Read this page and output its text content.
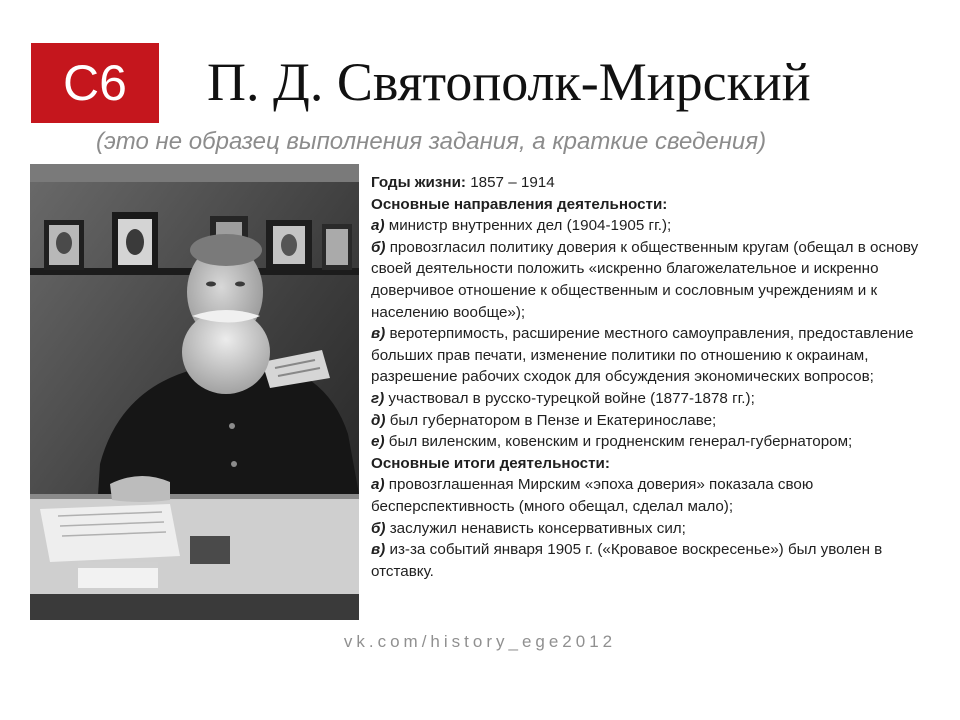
С6	П. Д. Святополк-Мирский
(это не образец выполнения задания, а краткие сведения)

Годы жизни: 1857 – 1914

Основные направления деятельности:

а) министр внутренних дел (1904-1905 гг.);

б) провозгласил политику доверия к общественным кругам (обещал в основу своей деятельности положить «искренно благожелательное и искренно доверчивое отношение к общественным и сословным учреждениям и к населению вообще»);

в) веротерпимость, расширение местного самоуправления, предоставление больших прав печати, изменение политики по отношению к окраинам, разрешение рабочих сходок для обсуждения экономических вопросов;

г) участвовал в русско-турецкой войне (1877-1878 гг.);

д) был губернатором в Пензе и Екатеринославе;

е) был виленским, ковенским и гродненским генерал-губернатором;

Основные итоги деятельности:

а) провозглашенная Мирским «эпоха доверия» показала свою бесперспективность (много обещал, сделал мало);

б) заслужил ненависть консервативных сил;

в) из-за событий января 1905 г. («Кровавое воскресенье») был уволен в отставку.

vk.com/history_ege2012
